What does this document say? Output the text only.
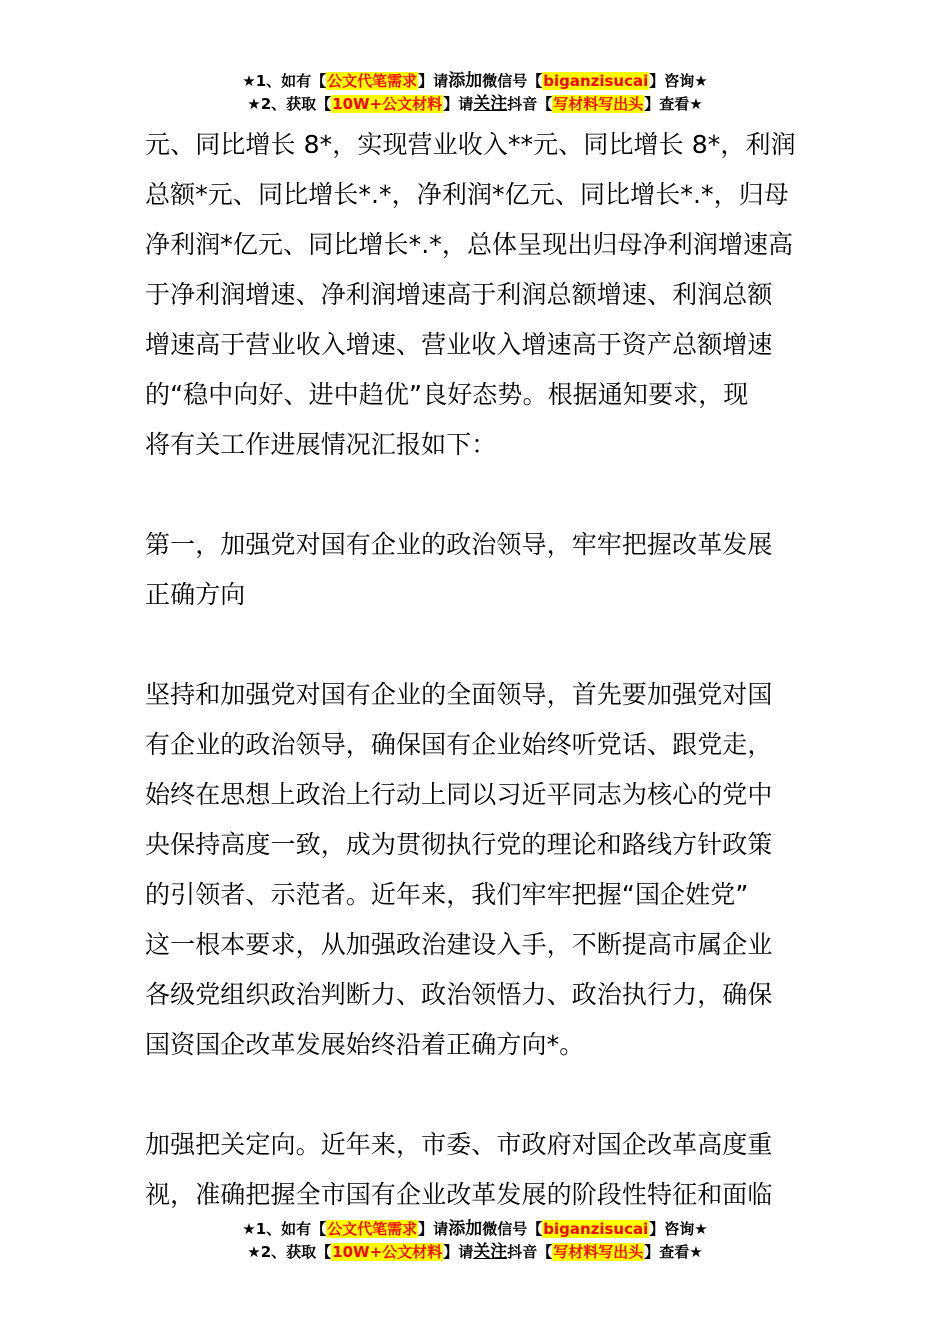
★1、如有【公文代笔需求】请添加微信号【biganzisucai】咨询★
★2、获取【10W+公文材料】请关注抖音【写材料写出头】查看★
元、同比增长 8*，实现营业收入**元、同比增长 8*，利润
总额*元、同比增长*.*，净利润*亿元、同比增长*.*，归母
净利润*亿元、同比增长*.*，总体呈现出归母净利润增速高
于净利润增速、净利润增速高于利润总额增速、利润总额
增速高于营业收入增速、营业收入增速高于资产总额增速
的“稳中向好、进中趋优”良好态势。根据通知要求，现
将有关工作进展情况汇报如下：
第一，加强党对国有企业的政治领导，牢牢把握改革发展
正确方向
坚持和加强党对国有企业的全面领导，首先要加强党对国
有企业的政治领导，确保国有企业始终听党话、跟党走，
始终在思想上政治上行动上同以习近平同志为核心的党中
央保持高度一致，成为贯彻执行党的理论和路线方针政策
的引领者、示范者。近年来，我们牢牢把握“国企姓党”
这一根本要求，从加强政治建设入手，不断提高市属企业
各级党组织政治判断力、政治领悟力、政治执行力，确保
国资国企改革发展始终沿着正确方向*。
加强把关定向。近年来，市委、市政府对国企改革高度重
视，准确把握全市国有企业改革发展的阶段性特征和面临
★1、如有【公文代笔需求】请添加微信号【biganzisucai】咨询★
★2、获取【10W+公文材料】请关注抖音【写材料写出头】查看★
